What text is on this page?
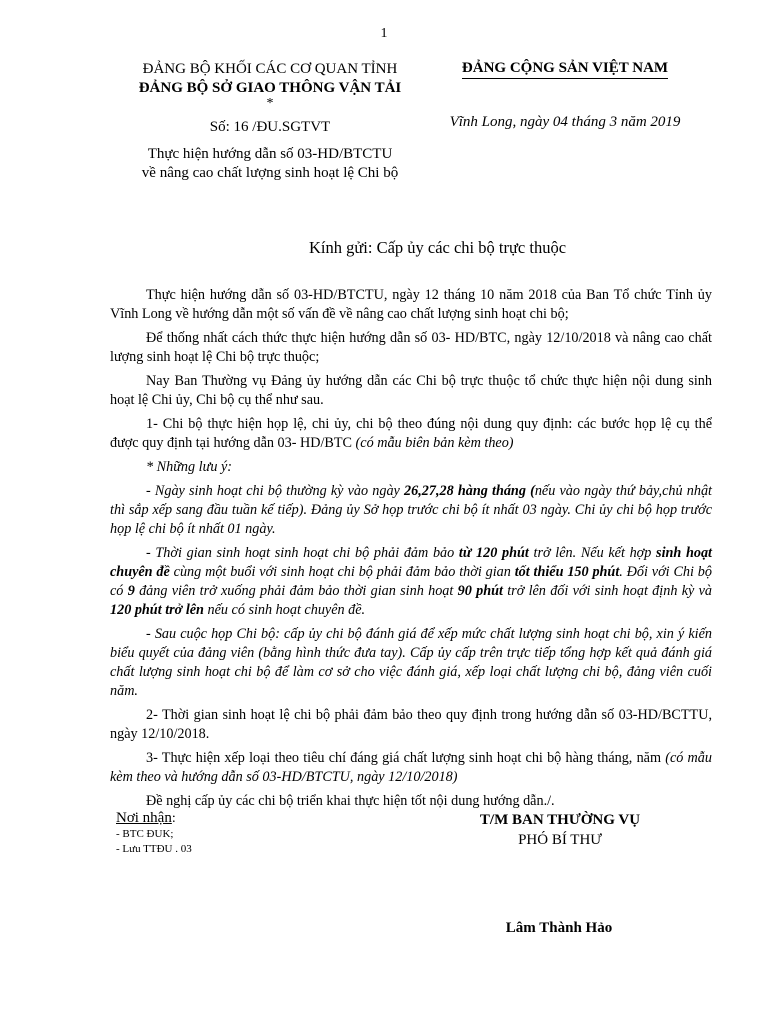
1
ĐẢNG BỘ KHỐI CÁC CƠ QUAN TỈNH
ĐẢNG BỘ SỞ GIAO THÔNG VẬN TẢI
*
Số: 16 /ĐU.SGTVT
Thực hiện hướng dẫn số 03-HD/BTCTU
về nâng cao chất lượng sinh hoạt lệ Chi bộ
ĐẢNG CỘNG SẢN VIỆT NAM
Vĩnh Long, ngày 04 tháng 3 năm 2019
Kính gửi: Cấp ủy các chi bộ trực thuộc

Thực hiện hướng dẫn số 03-HD/BTCTU, ngày 12 tháng 10 năm 2018 của Ban Tổ chức Tỉnh ủy Vĩnh Long về hướng dẫn một số vấn đề về nâng cao chất lượng sinh hoạt chi bộ;

Để thống nhất cách thức thực hiện hướng dẫn số 03- HD/BTC, ngày 12/10/2018 và nâng cao chất lượng sinh hoạt lệ Chi bộ trực thuộc;

Nay Ban Thường vụ Đảng ủy hướng dẫn các Chi bộ trực thuộc tổ chức thực hiện nội dung sinh hoạt lệ Chi ủy, Chi bộ cụ thể như sau.

1- Chi bộ thực hiện họp lệ, chi ủy, chi bộ theo đúng nội dung quy định: các bước họp lệ cụ thể được quy định tại hướng dẫn 03- HD/BTC (có mẫu biên bản kèm theo)

* Những lưu ý:

- Ngày sinh hoạt chi bộ thường kỳ vào ngày 26,27,28 hàng tháng (nếu vào ngày thứ bảy,chủ nhật thì sắp xếp sang đầu tuần kế tiếp). Đảng ủy Sở họp trước chi bộ ít nhất 03 ngày. Chi ủy chi bộ họp trước họp lệ chi bộ ít nhất 01 ngày.

- Thời gian sinh hoạt sinh hoạt chi bộ phải đảm bảo từ 120 phút trở lên. Nếu kết hợp sinh hoạt chuyên đề cùng một buổi với sinh hoạt chi bộ phải đảm bảo thời gian tốt thiểu 150 phút. Đối với Chi bộ có 9 đảng viên trở xuống phải đảm bảo thời gian sinh hoạt 90 phút trở lên đối với sinh hoạt định kỳ và 120 phút trở lên nếu có sinh hoạt chuyên đề.

- Sau cuộc họp Chi bộ: cấp ủy chi bộ đánh giá để xếp mức chất lượng sinh hoạt chi bộ, xin ý kiến biểu quyết của đảng viên (bằng hình thức đưa tay). Cấp ủy cấp trên trực tiếp tổng hợp kết quả đánh giá chất lượng sinh hoạt chi bộ để làm cơ sở cho việc đánh giá, xếp loại chất lượng chi bộ, đảng viên cuối năm.

2- Thời gian sinh hoạt lệ chi bộ phải đảm bảo theo quy định trong hướng dẫn số 03-HD/BCTTU, ngày 12/10/2018.

3- Thực hiện xếp loại theo tiêu chí đáng giá chất lượng sinh hoạt chi bộ hàng tháng, năm (có mẫu kèm theo và hướng dẫn số 03-HD/BTCTU, ngày 12/10/2018)

Đề nghị cấp ủy các chi bộ triển khai thực hiện tốt nội dung hướng dẫn./.

Nơi nhận:
- BTC ĐUK;
- Lưu TTĐU . 03
T/M BAN THƯỜNG VỤ
PHÓ BÍ THƯ
Lâm Thành Hảo
